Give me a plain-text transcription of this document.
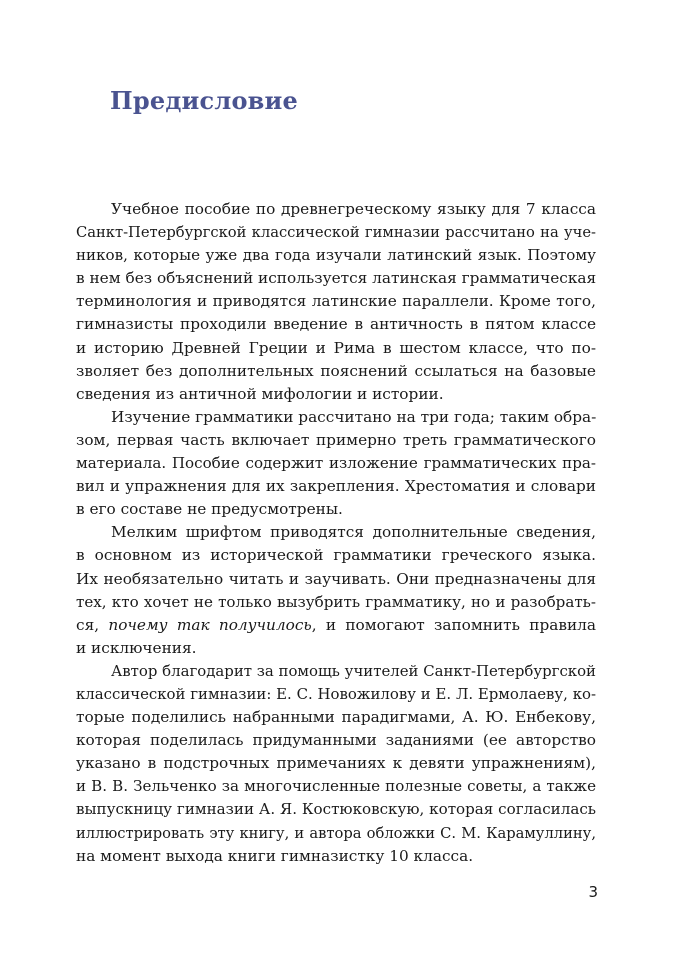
Предисловие

Учебное пособие по древнегреческому языку для 7 класса
Санкт-Петербургской классической гимназии рассчитано на уче-
ников, которые уже два года изучали латинский язык. Поэтому
в нем без объяснений используется латинская грамматическая
терминология и приводятся латинские параллели. Кроме того,
гимназисты проходили введение в античность в пятом классе
и историю Древней Греции и Рима в шестом классе, что по-
зволяет без дополнительных пояснений ссылаться на базовые
сведения из античной мифологии и истории.

Изучение грамматики рассчитано на три года; таким обра-
зом, первая часть включает примерно треть грамматического
материала. Пособие содержит изложение грамматических пра-
вил и упражнения для их закрепления. Хрестоматия и словари
в его составе не предусмотрены.

Мелким шрифтом приводятся дополнительные сведения,
в основном из исторической грамматики греческого языка.
Их необязательно читать и заучивать. Они предназначены для
тех, кто хочет не только вызубрить грамматику, но и разобрать-
ся, почему так получилось, и помогают запомнить правила
и исключения.

Автор благодарит за помощь учителей Санкт-Петербургской
классической гимназии: Е. С. Новожилову и Е. Л. Ермолаеву, ко-
торые поделились набранными парадигмами, А. Ю. Енбекову,
которая поделилась придуманными заданиями (ее авторство
указано в подстрочных примечаниях к девяти упражнениям),
и В. В. Зельченко за многочисленные полезные советы, а также
выпускницу гимназии А. Я. Костюковскую, которая согласилась
иллюстрировать эту книгу, и автора обложки С. М. Карамуллину,
на момент выхода книги гимназистку 10 класса.

3
